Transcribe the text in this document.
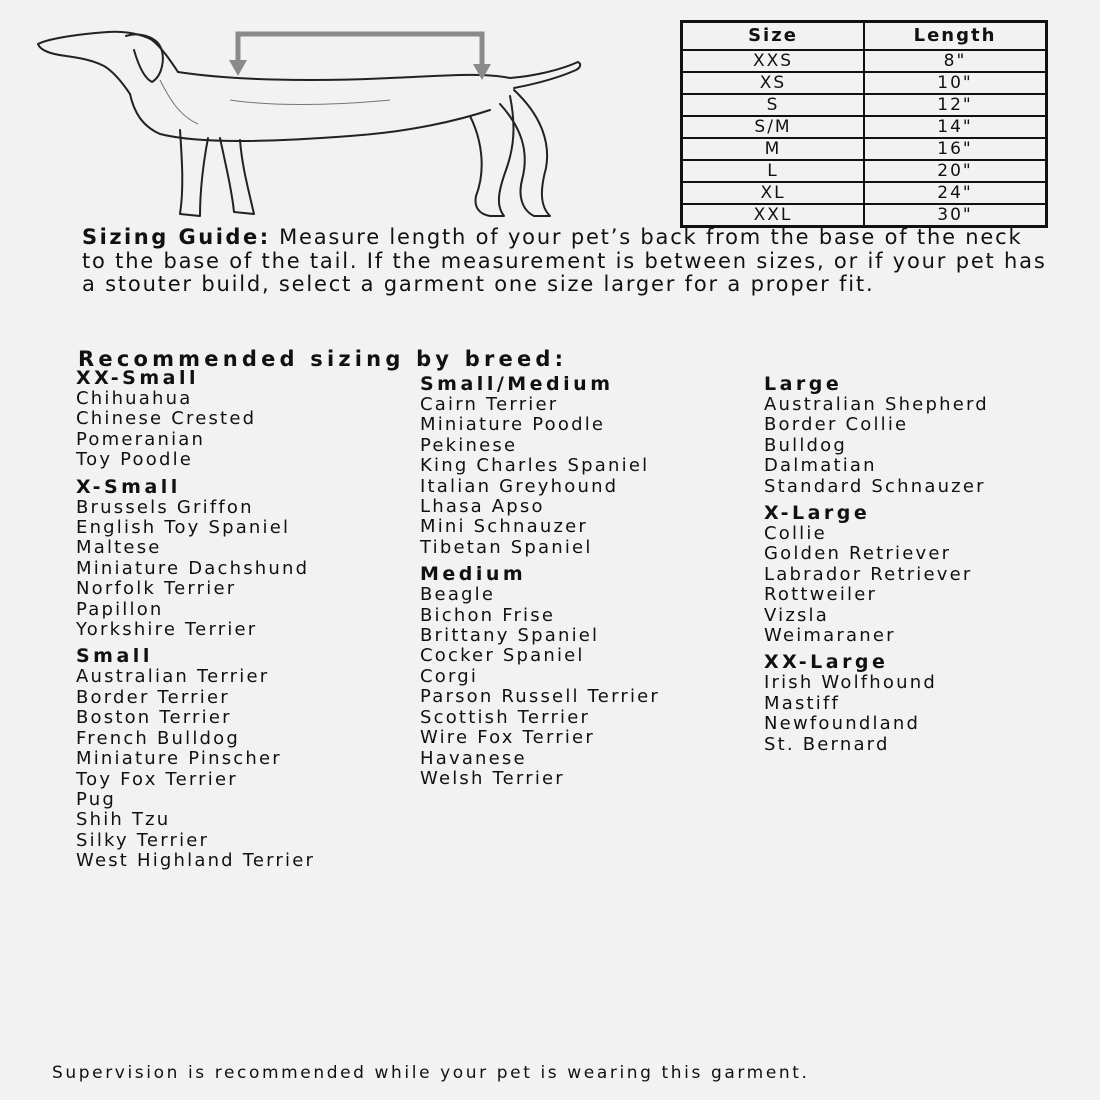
Size	Length
XXS	8"
XS	10"
S	12"
S/M	14"
M	16"
L	20"
XL	24"
XXL	30"
Sizing Guide: Measure length of your pet’s back from the base of the neck to the base of the tail. If the measurement is between sizes, or if your pet has a stouter build, select a garment one size larger for a proper fit.
Recommended sizing by breed:
XX-Small
Chihuahua
Chinese Crested
Pomeranian
Toy Poodle
X-Small
Brussels Griffon
English Toy Spaniel
Maltese
Miniature Dachshund
Norfolk Terrier
Papillon
Yorkshire Terrier
Small
Australian Terrier
Border Terrier
Boston Terrier
French Bulldog
Miniature Pinscher
Toy Fox Terrier
Pug
Shih Tzu
Silky Terrier
West Highland Terrier
Small/Medium
Cairn Terrier
Miniature Poodle
Pekinese
King Charles Spaniel
Italian Greyhound
Lhasa Apso
Mini Schnauzer
Tibetan Spaniel
Medium
Beagle
Bichon Frise
Brittany Spaniel
Cocker Spaniel
Corgi
Parson Russell Terrier
Scottish Terrier
Wire Fox Terrier
Havanese
Welsh Terrier
Large
Australian Shepherd
Border Collie
Bulldog
Dalmatian
Standard Schnauzer
X-Large
Collie
Golden Retriever
Labrador Retriever
Rottweiler
Vizsla
Weimaraner
XX-Large
Irish Wolfhound
Mastiff
Newfoundland
St. Bernard
Supervision is recommended while your pet is wearing this garment.
